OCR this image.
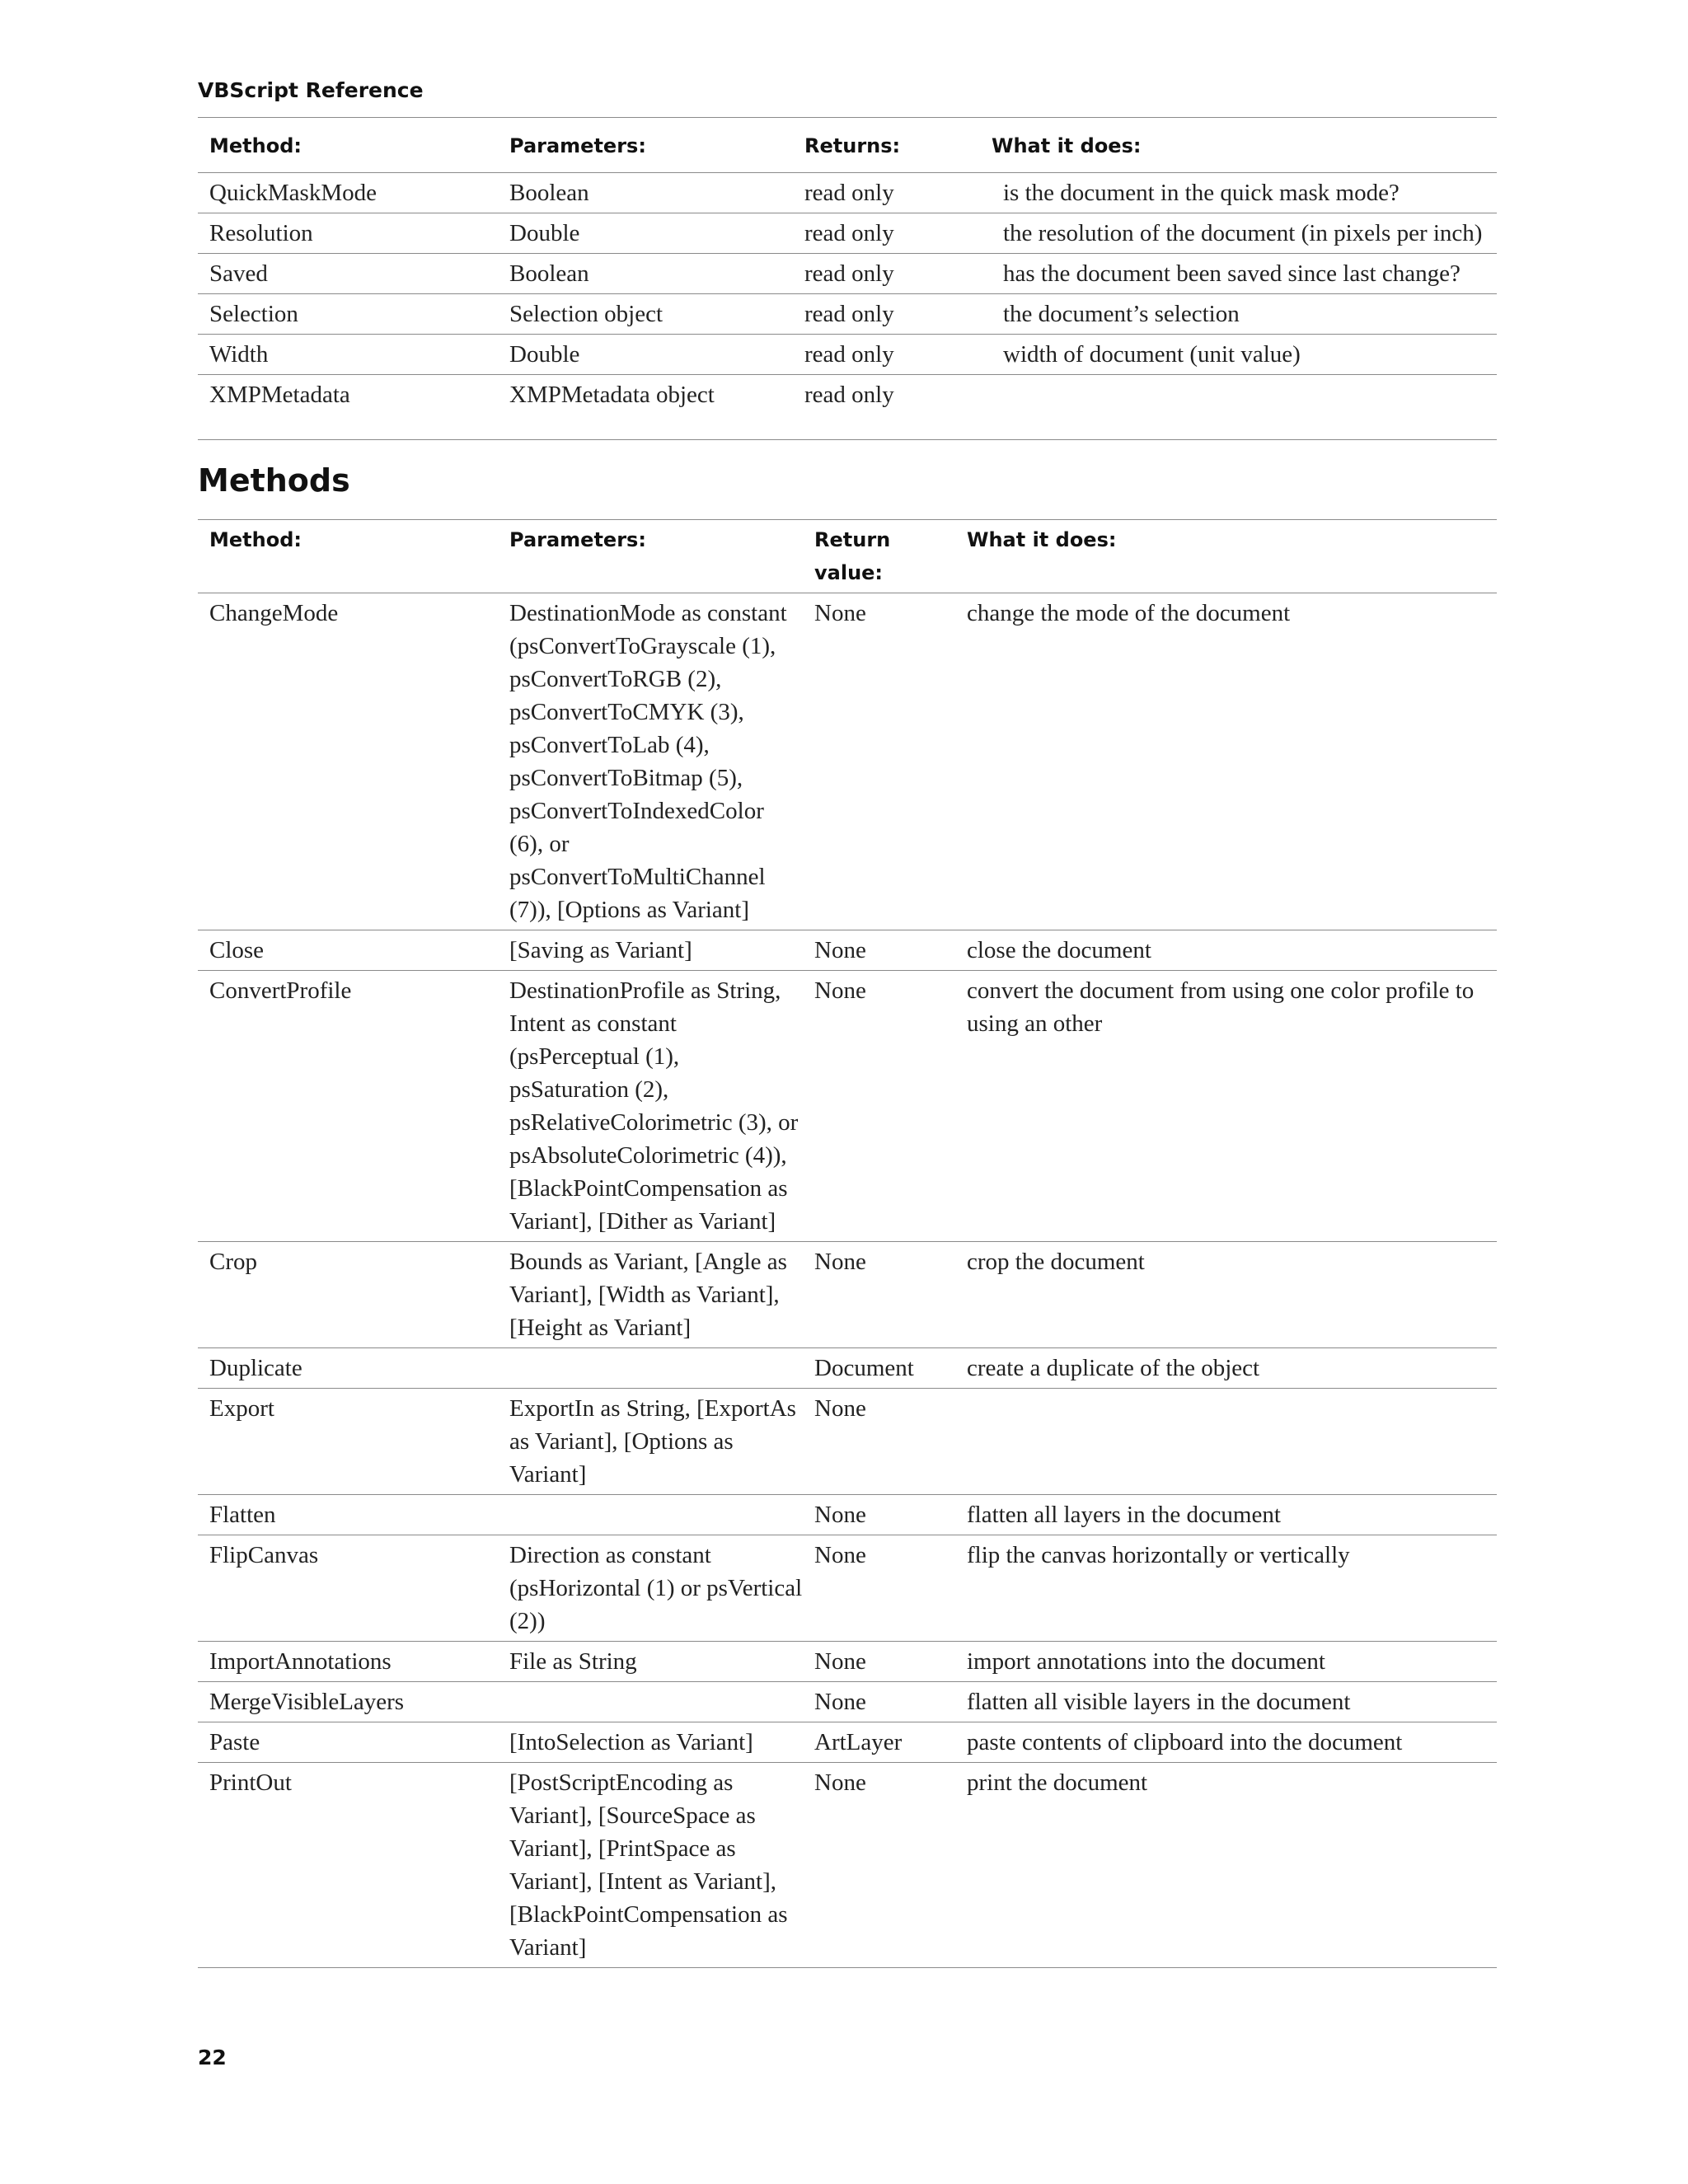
VBScript Reference
Method:	Parameters:	Returns:	What it does:
QuickMaskMode	Boolean	read only	is the document in the quick mask mode?
Resolution	Double	read only	the resolution of the document (in pixels per inch)
Saved	Boolean	read only	has the document been saved since last change?
Selection	Selection object	read only	the document’s selection
Width	Double	read only	width of document (unit value)
XMPMetadata	XMPMetadata object	read only	
Methods
Method:	Parameters:	Return value:	What it does:
ChangeMode	DestinationMode as constant (psConvertToGrayscale (1), psConvertToRGB (2), psConvertToCMYK (3), psConvertToLab (4), psConvertToBitmap (5), psConvertToIndexedColor (6), or psConvertToMultiChannel (7)), [Options as Variant]	None	change the mode of the document
Close	[Saving as Variant]	None	close the document
ConvertProfile	DestinationProfile as String, Intent as constant (psPerceptual (1), psSaturation (2), psRelativeColorimetric (3), or psAbsoluteColorimetric (4)), [BlackPointCompensation as Variant], [Dither as Variant]	None	convert the document from using one color profile to using an other
Crop	Bounds as Variant, [Angle as Variant], [Width as Variant], [Height as Variant]	None	crop the document
Duplicate		Document	create a duplicate of the object
Export	ExportIn as String, [ExportAs as Variant], [Options as Variant]	None	
Flatten		None	flatten all layers in the document
FlipCanvas	Direction as constant (psHorizontal (1) or psVertical (2))	None	flip the canvas horizontally or vertically
ImportAnnotations	File as String	None	import annotations into the document
MergeVisibleLayers		None	flatten all visible layers in the document
Paste	[IntoSelection as Variant]	ArtLayer	paste contents of clipboard into the document
PrintOut	[PostScriptEncoding as Variant], [SourceSpace as Variant], [PrintSpace as Variant], [Intent as Variant], [BlackPointCompensation as Variant]	None	print the document
22
